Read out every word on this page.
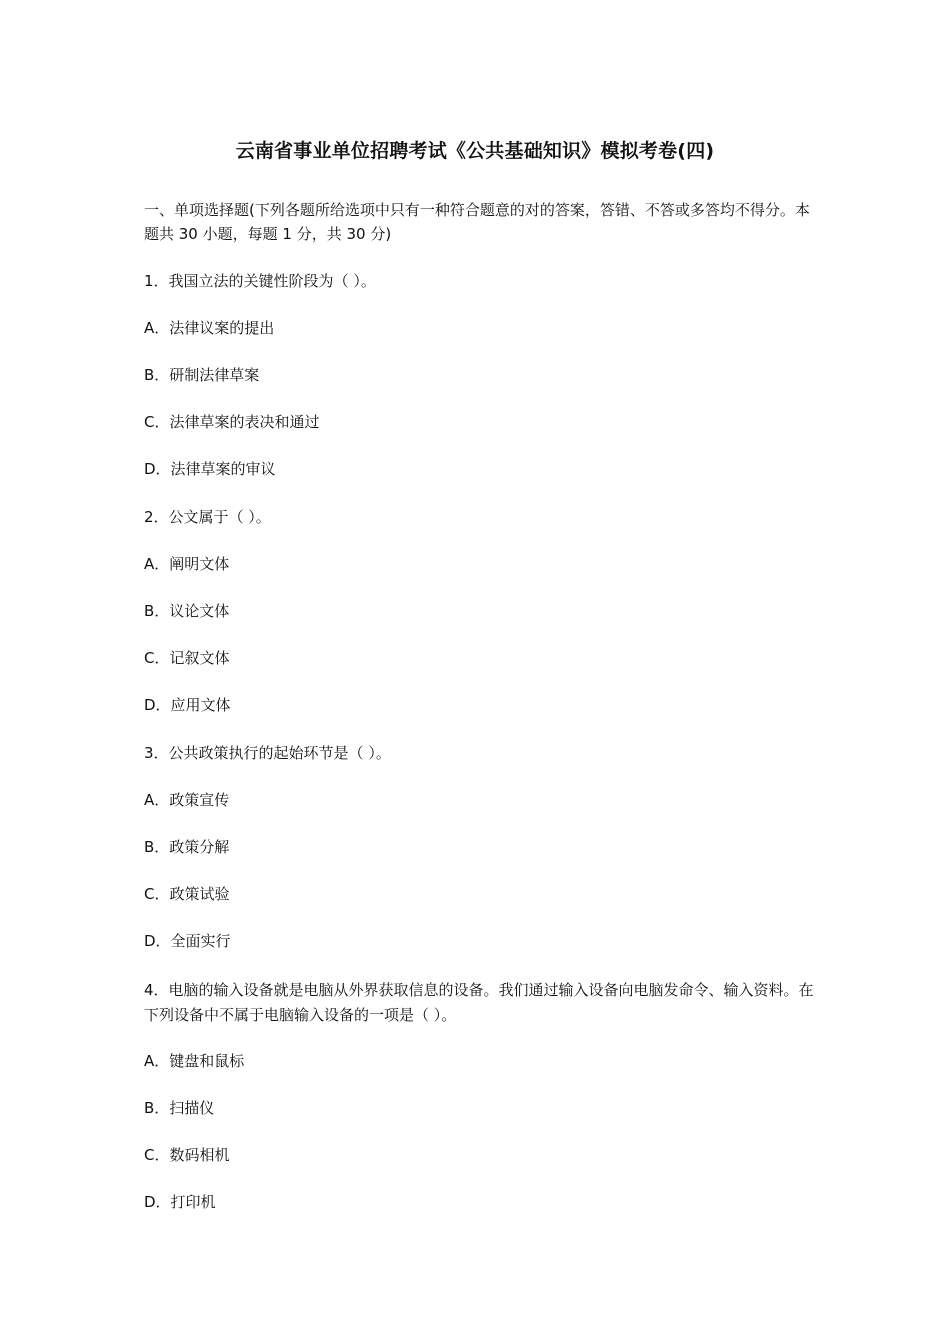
云南省事业单位招聘考试《公共基础知识》模拟考卷(四)
一、单项选择题(下列各题所给选项中只有一种符合题意的对的答案，答错、不答或多答均不得分。本题共 30 小题，每题 1 分，共 30 分)
1．我国立法的关键性阶段为（ ）。
A．法律议案的提出
B．研制法律草案
C．法律草案的表决和通过
D．法律草案的审议
2．公文属于（ ）。
A．阐明文体
B．议论文体
C．记叙文体
D．应用文体
3．公共政策执行的起始环节是（ ）。
A．政策宣传
B．政策分解
C．政策试验
D．全面实行
4．电脑的输入设备就是电脑从外界获取信息的设备。我们通过输入设备向电脑发命令、输入资料。在下列设备中不属于电脑输入设备的一项是（ ）。
A．键盘和鼠标
B．扫描仪
C．数码相机
D．打印机
